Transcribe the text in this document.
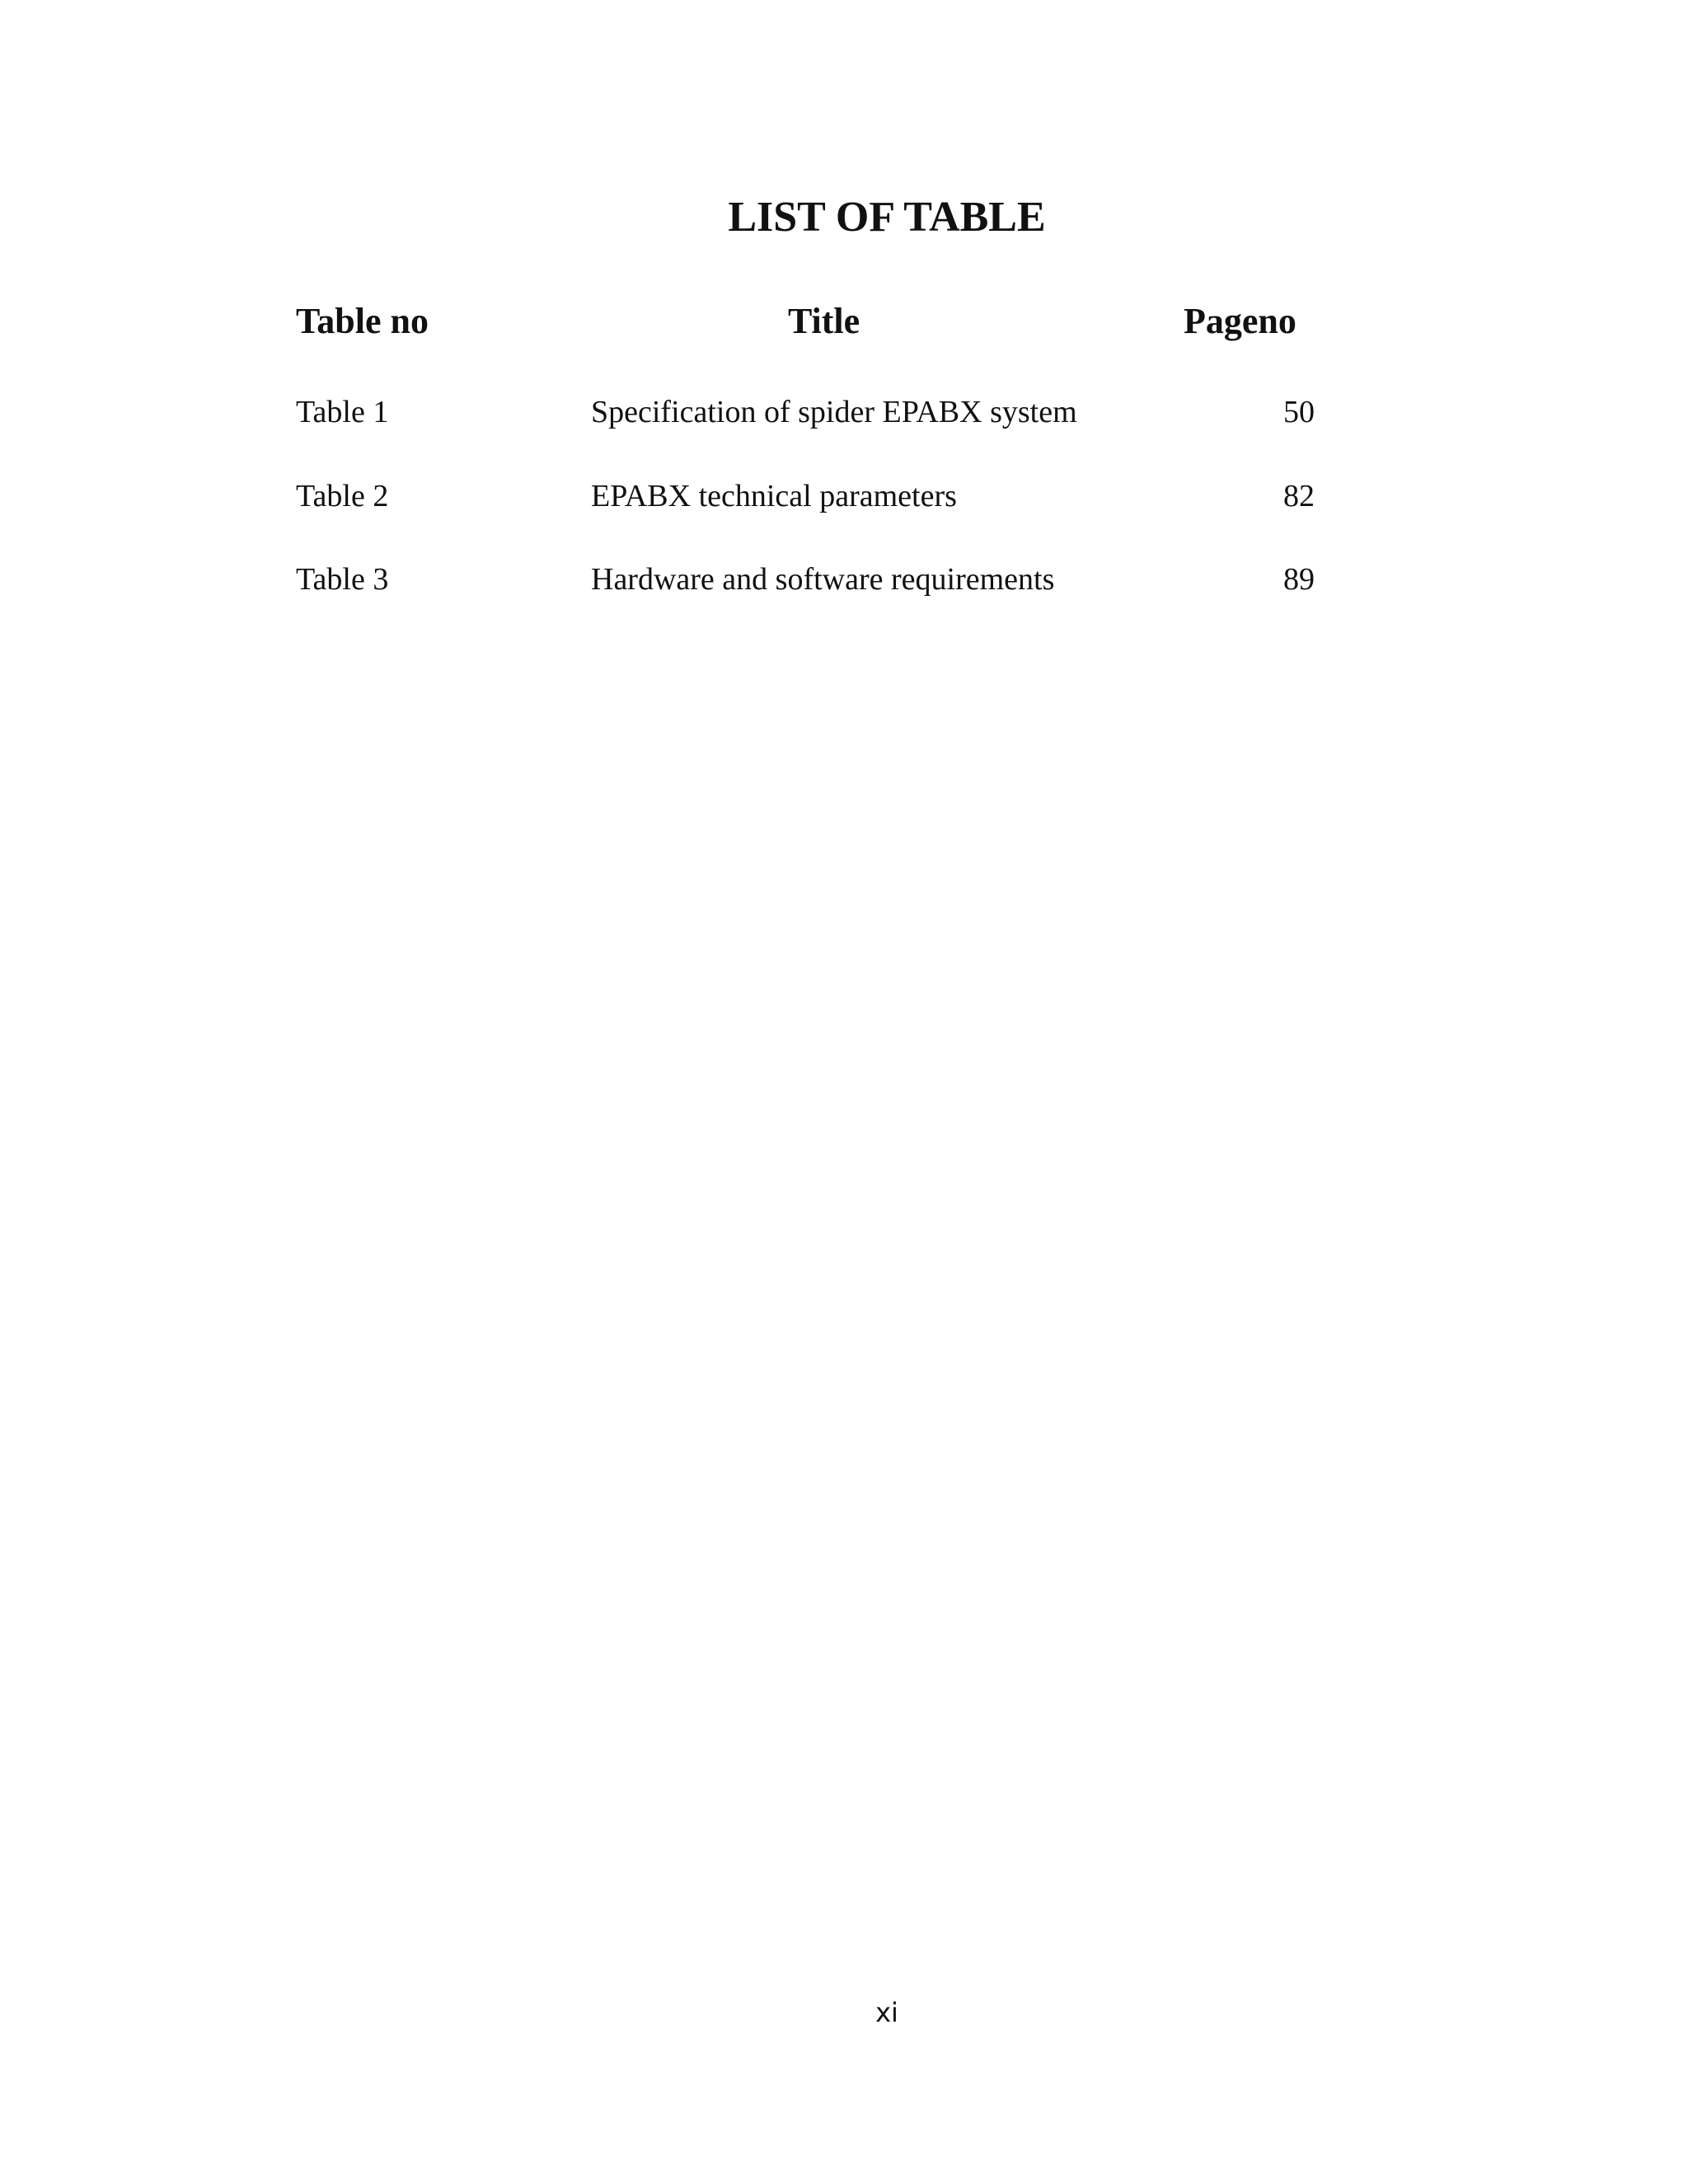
LIST OF TABLE
Table no	Title	Pageno
Table 1	Specification of spider EPABX system	50
Table 2	EPABX technical parameters	82
Table 3	Hardware and software requirements	89
xi
